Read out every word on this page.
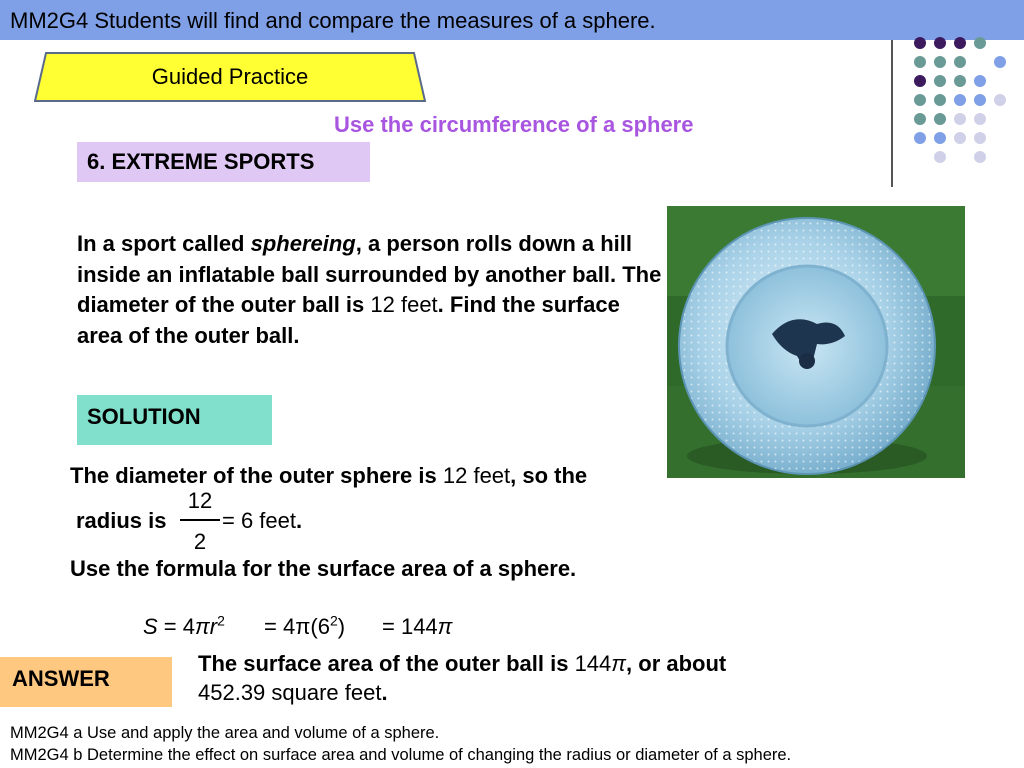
MM2G4 Students will find and compare the measures of a sphere.
Guided Practice
Use the circumference of a sphere
6. EXTREME SPORTS
In a sport called sphereing, a person rolls down a hill inside an inflatable ball surrounded by another ball. The diameter of the outer ball is 12 feet. Find the surface area of the outer ball.
SOLUTION
The diameter of the outer sphere is 12 feet, so the
radius is
12
2
= 6 feet.
Use the formula for the surface area of a sphere.
$S = 4\pi r^2 = 4\pi(6^2) = 144\pi$
ANSWER
The surface area of the outer ball is 144π, or about
452.39 square feet.
MM2G4 a Use and apply the area and volume of a sphere.
MM2G4 b Determine the effect on surface area and volume of changing the radius or diameter of a sphere.
